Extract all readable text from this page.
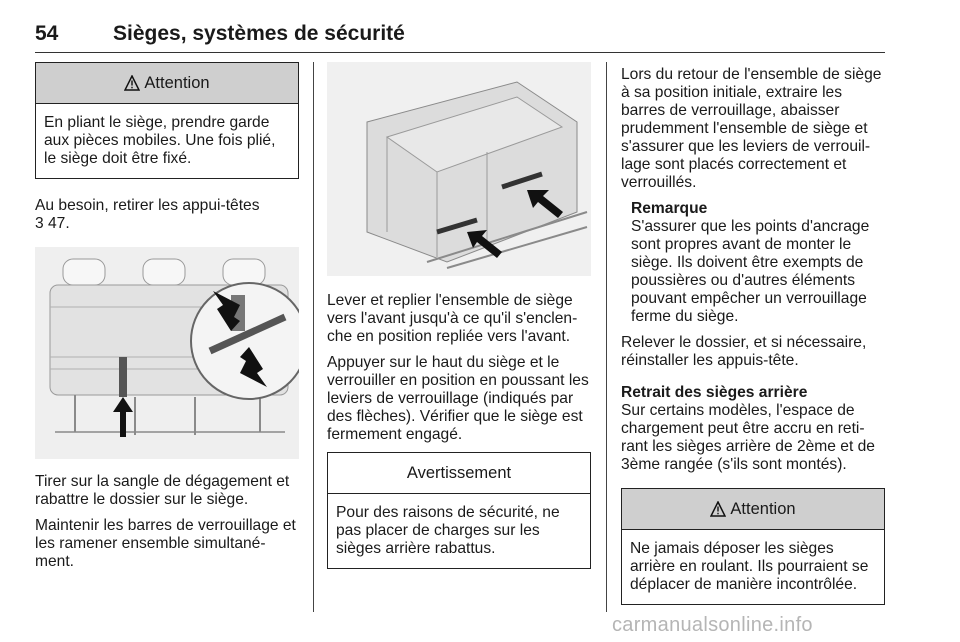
54	Sièges, systèmes de sécurité
Attention
En pliant le siège, prendre garde aux pièces mobiles. Une fois plié, le siège doit être fixé.

Au besoin, retirer les appui-têtes
3 47.

Tirer sur la sangle de dégagement et rabattre le dossier sur le siège.

Maintenir les barres de verrouillage et les ramener ensemble simultané- ment.

Lever et replier l'ensemble de siège vers l'avant jusqu'à ce qu'il s'enclen- che en position repliée vers l'avant.

Appuyer sur le haut du siège et le verrouiller en position en poussant les leviers de verrouillage (indiqués par des flèches). Vérifier que le siège est fermement engagé.

Avertissement
Pour des raisons de sécurité, ne pas placer de charges sur les sièges arrière rabattus.

Lors du retour de l'ensemble de siège à sa position initiale, extraire les barres de verrouillage, abaisser prudemment l'ensemble de siège et s'assurer que les leviers de verrouil- lage sont placés correctement et verrouillés.

Remarque

S'assurer que les points d'ancrage sont propres avant de monter le siège. Ils doivent être exempts de poussières ou d'autres éléments pouvant empêcher un verrouillage ferme du siège.

Relever le dossier, et si nécessaire, réinstaller les appuis-tête.

Retrait des sièges arrière

Sur certains modèles, l'espace de chargement peut être accru en reti- rant les sièges arrière de 2ème et de 3ème rangée (s'ils sont montés).

Attention
Ne jamais déposer les sièges arrière en roulant. Ils pourraient se déplacer de manière incontrôlée.
carmanualsonline.info
